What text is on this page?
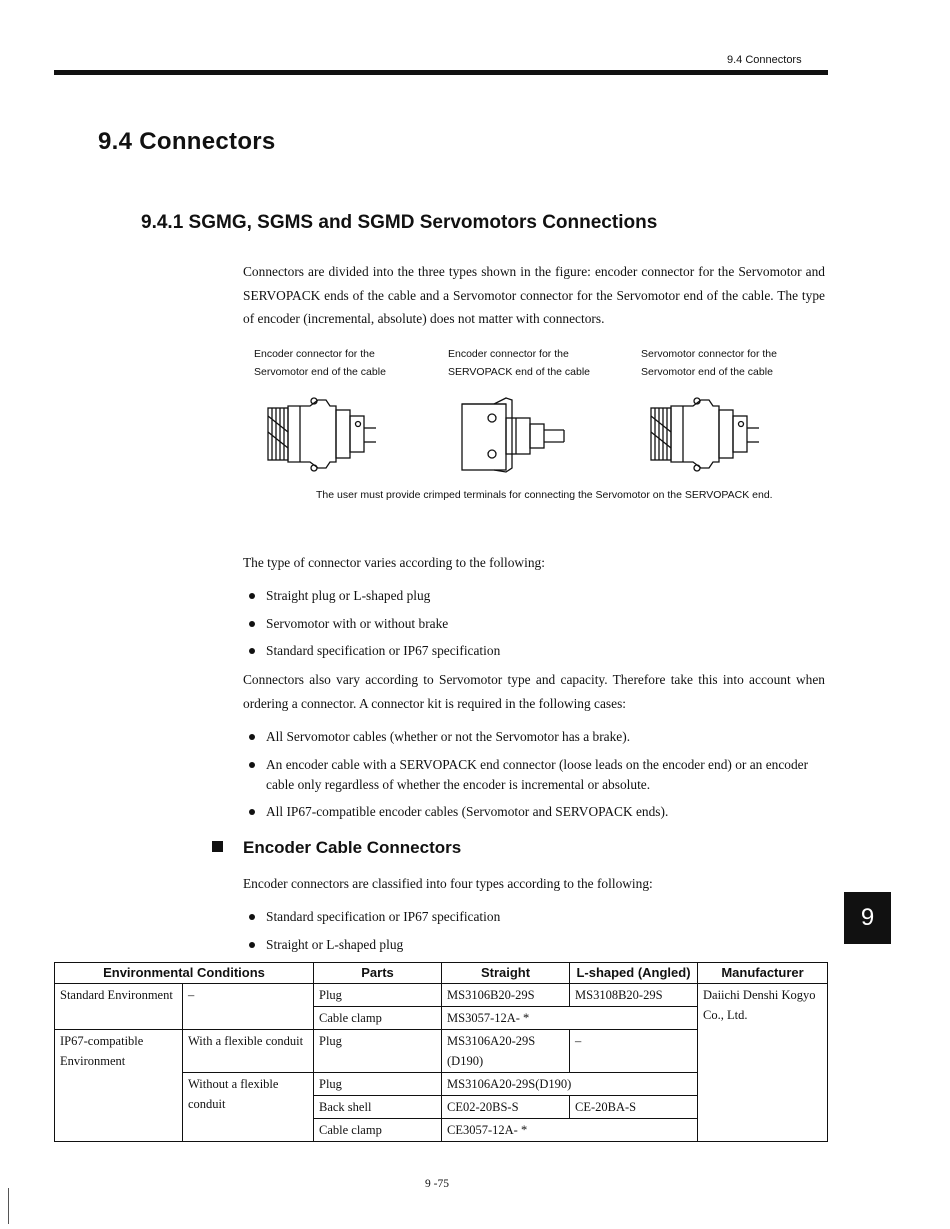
9.4 Connectors
9.4 Connectors
9.4.1 SGMG, SGMS and SGMD Servomotors Connections
Connectors are divided into the three types shown in the figure: encoder connector for the Servomotor and SERVOPACK ends of the cable and a Servomotor connector for the Servomotor end of the cable. The type of encoder (incremental, absolute) does not matter with connectors.
Encoder connector for the Servomotor end of the cable
Encoder connector for the SERVOPACK end of the cable
Servomotor connector for the Servomotor end of the cable
The user must provide crimped terminals for connecting the Servomotor on the SERVOPACK end.
The type of connector varies according to the following:
Straight plug or L-shaped plug
Servomotor with or without brake
Standard specification or IP67 specification
Connectors also vary according to Servomotor type and capacity. Therefore take this into account when ordering a connector. A connector kit is required in the following cases:
All Servomotor cables (whether or not the Servomotor has a brake).
An encoder cable with a SERVOPACK end connector (loose leads on the encoder end) or an encoder cable only regardless of whether the encoder is incremental or absolute.
All IP67-compatible encoder cables (Servomotor and SERVOPACK ends).
Encoder Cable Connectors
Encoder connectors are classified into four types according to the following:
Standard specification or IP67 specification
Straight or L-shaped plug
9
Environmental Conditions		Parts	Straight	L-shaped (Angled)	Manufacturer
Standard Environment	–	Plug	MS3106B20-29S	MS3108B20-29S	Daiichi Denshi Kogyo Co., Ltd.
		Cable clamp	MS3057-12A- *		
IP67-compatible Environment	With a flexible conduit	Plug	MS3106A20-29S (D190)	–	
	Without a flexible conduit	Plug	MS3106A20-29S(D190)		
		Back shell	CE02-20BS-S	CE-20BA-S	
		Cable clamp	CE3057-12A- *		
9 -75
